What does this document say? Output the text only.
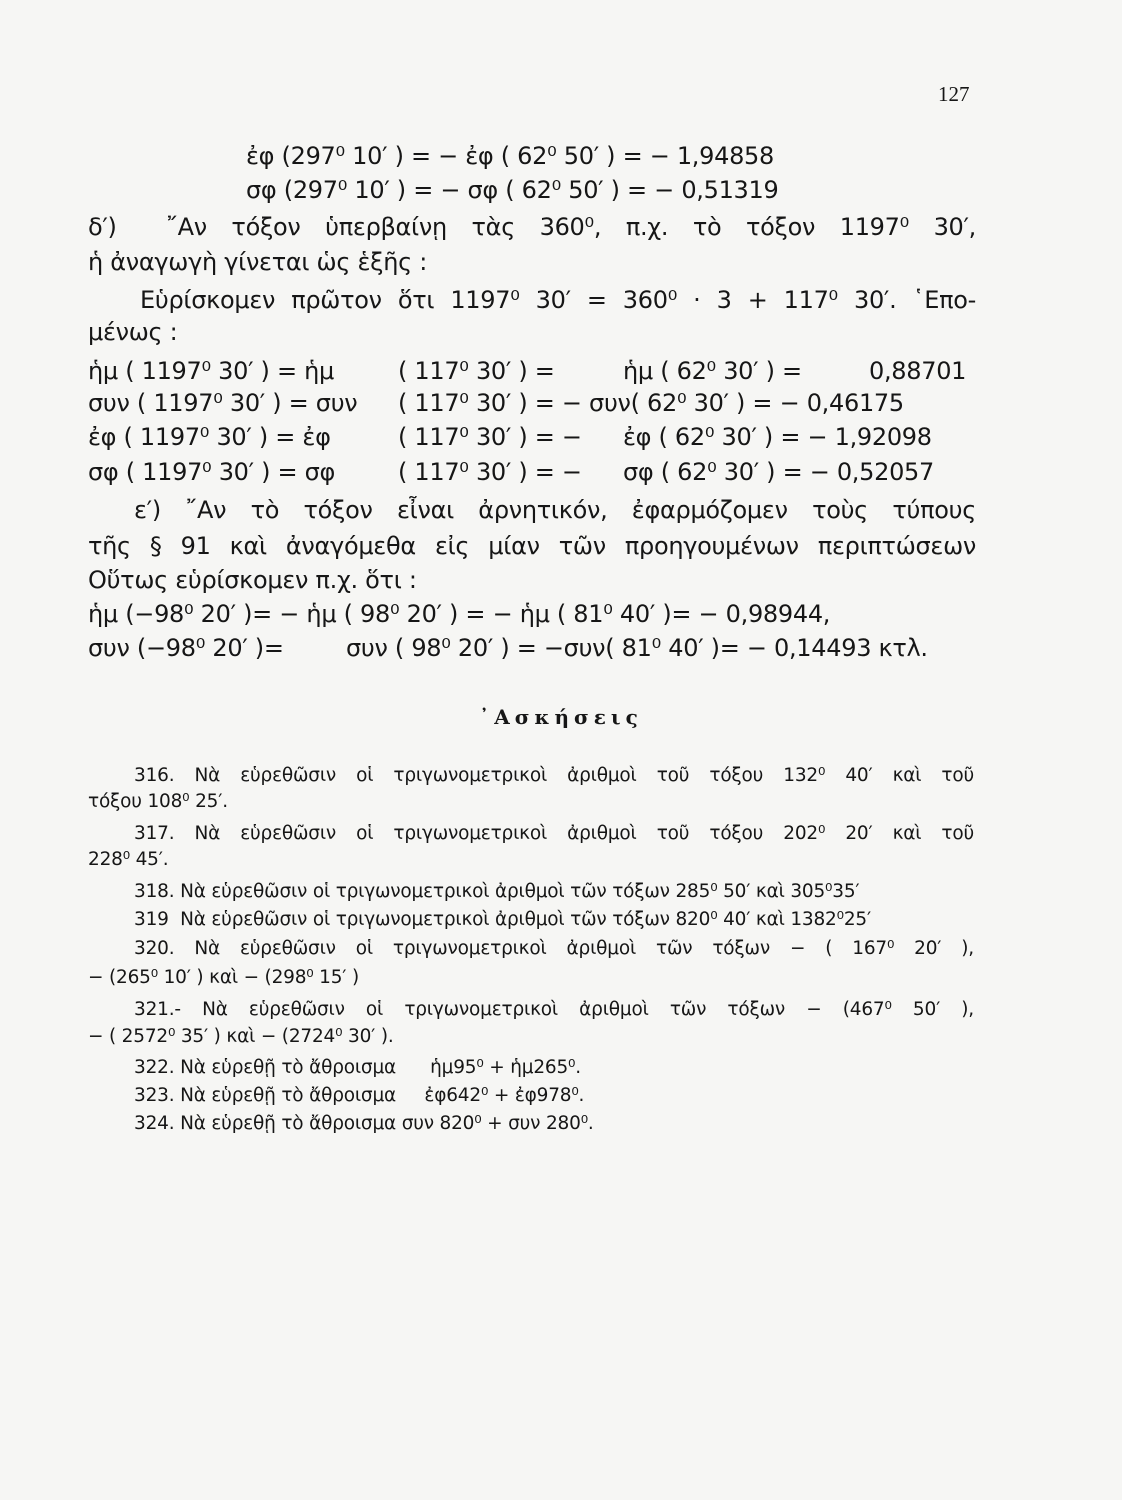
127
ἐφ (297⁰ 10′ ) = − ἐφ ( 62⁰ 50′ ) = − 1,94858
σφ (297⁰ 10′ ) = − σφ ( 62⁰ 50′ ) = − 0,51319
δ′)  ῎Αν τόξον ὑπερβαίνῃ τὰς 360⁰, π.χ. τὸ τόξον 1197⁰ 30′,
ἡ ἀναγωγὴ γίνεται ὡς ἑξῆς :
Εὑρίσκομεν πρῶτον ὅτι 1197⁰ 30′ = 360⁰ · 3 + 117⁰ 30′. ῾Επο-
μένως :
ἡμ ( 1197⁰ 30′ ) = ἡμ	( 117⁰ 30′ ) =	ἡμ ( 62⁰ 30′ ) =	0,88701
συν ( 1197⁰ 30′ ) = συν ( 117⁰ 30′ ) = − συν( 62⁰ 30′ ) = − 0,46175
ἐφ ( 1197⁰ 30′ ) = ἐφ	( 117⁰ 30′ ) = − ἐφ ( 62⁰ 30′ ) = − 1,92098
σφ ( 1197⁰ 30′ ) = σφ	( 117⁰ 30′ ) = − σφ ( 62⁰ 30′ ) = − 0,52057
ε′) ῎Αν τὸ τόξον εἶναι ἀρνητικόν, ἐφαρμόζομεν τοὺς τύπους
τῆς § 91 καὶ ἀναγόμεθα εἰς μίαν τῶν προηγουμένων περιπτώσεων
Οὕτως εὑρίσκομεν π.χ. ὅτι :
ἡμ (−98⁰ 20′ )= − ἡμ ( 98⁰ 20′ ) = − ἡμ ( 81⁰ 40′ )= − 0,98944,
συν (−98⁰ 20′ )=	συν ( 98⁰ 20′ ) = −συν( 81⁰ 40′ )= − 0,14493 κτλ.
᾽Ασκήσεις
316. Νὰ εὑρεθῶσιν οἱ τριγωνομετρικοὶ ἀριθμοὶ τοῦ τόξου 132⁰ 40′ καὶ τοῦ
τόξου 108⁰ 25′.
317. Νὰ εὑρεθῶσιν οἱ τριγωνομετρικοὶ ἀριθμοὶ τοῦ τόξου 202⁰ 20′ καὶ τοῦ
228⁰ 45′.
318. Νὰ εὑρεθῶσιν οἱ τριγωνομετρικοὶ ἀριθμοὶ τῶν τόξων 285⁰ 50′ καὶ 305⁰35′
319  Νὰ εὑρεθῶσιν οἱ τριγωνομετρικοὶ ἀριθμοὶ τῶν τόξων 820⁰ 40′ καὶ 1382⁰25′
320. Νὰ εὑρεθῶσιν οἱ τριγωνομετρικοὶ ἀριθμοὶ τῶν τόξων − ( 167⁰ 20′ ),
− (265⁰ 10′ ) καὶ − (298⁰ 15′ )
321.- Νὰ εὑρεθῶσιν οἱ τριγωνομετρικοὶ ἀριθμοὶ τῶν τόξων − (467⁰ 50′ ),
− ( 2572⁰ 35′ ) καὶ − (2724⁰ 30′ ).
322. Νὰ εὑρεθῇ τὸ ἄθροισμα      ἡμ95⁰ + ἡμ265⁰.
323. Νὰ εὑρεθῇ τὸ ἄθροισμα     ἐφ642⁰ + ἐφ978⁰.
324. Νὰ εὑρεθῇ τὸ ἄθροισμα συν 820⁰ + συν 280⁰.
